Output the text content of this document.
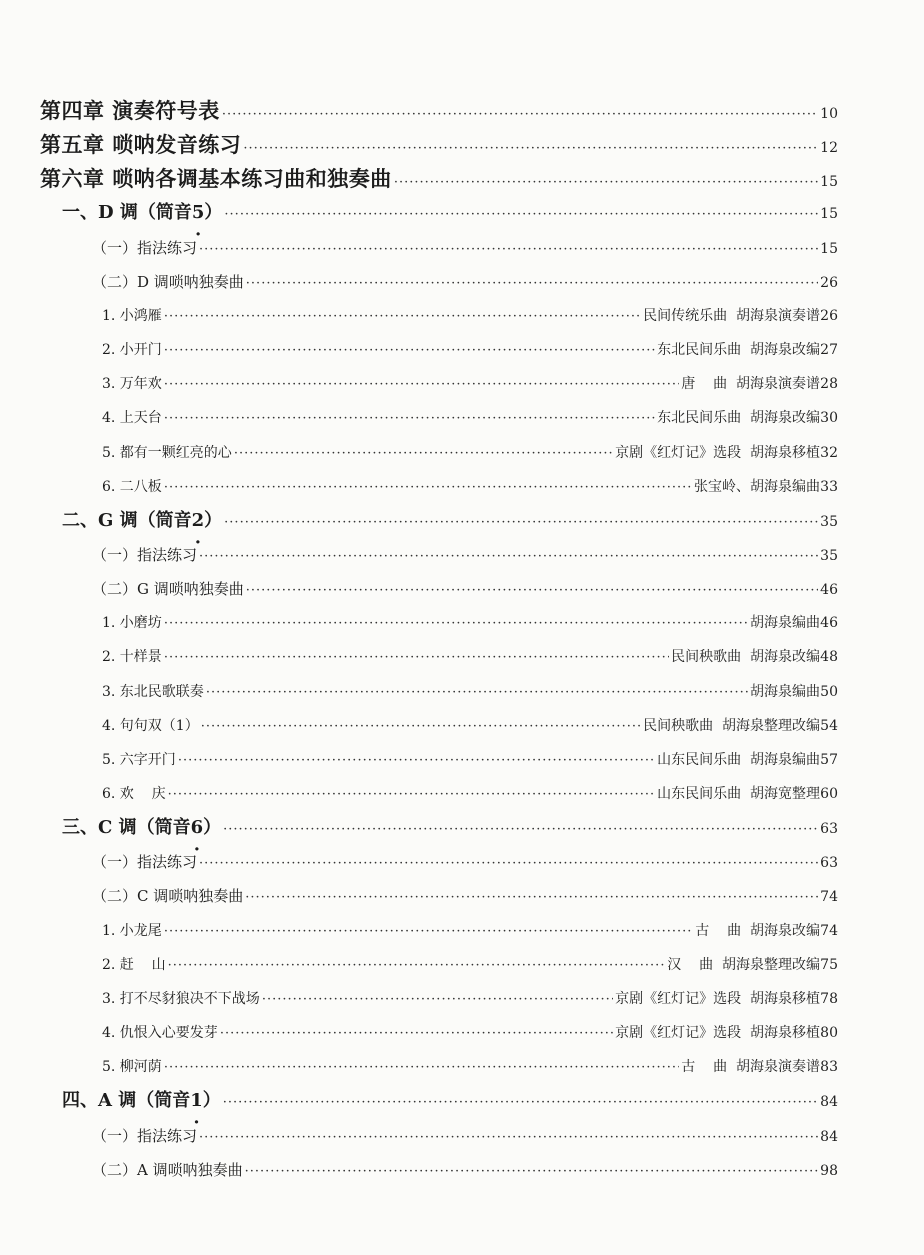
第四章 演奏符号表 ·····	10
第五章 唢呐发音练习 ·····	12
第六章 唢呐各调基本练习曲和独奏曲 ·····	15
一、D 调（筒音5 ·） ·····	15
（一）指法练习 ·····	15
（二）D 调唢呐独奏曲 ·····	26
1. 小鸿雁 ·····	民间传统乐曲  胡海泉演奏谱 26
2. 小开门 ·····	东北民间乐曲  胡海泉改编 27
3. 万年欢 ·····	唐    曲  胡海泉演奏谱 28
4. 上天台 ·····	东北民间乐曲  胡海泉改编 30
5. 都有一颗红亮的心 ·····	京剧《红灯记》选段  胡海泉移植 32
6. 二八板 ·····	张宝岭、胡海泉编曲 33
二、G 调（筒音2 ·） ·····	35
（一）指法练习 ·····	35
（二）G 调唢呐独奏曲 ·····	46
1. 小磨坊 ·····	胡海泉编曲 46
2. 十样景 ·····	民间秧歌曲  胡海泉改编 48
3. 东北民歌联奏 ·····	胡海泉编曲 50
4. 句句双（1） ·····	民间秧歌曲  胡海泉整理改编 54
5. 六字开门 ·····	山东民间乐曲  胡海泉编曲 57
6. 欢    庆 ·····	山东民间乐曲  胡海宽整理 60
三、C 调（筒音6 ·） ·····	63
（一）指法练习 ·····	63
（二）C 调唢呐独奏曲 ·····	74
1. 小龙尾 ·····	古    曲  胡海泉改编 74
2. 赶    山 ·····	汉    曲  胡海泉整理改编 75
3. 打不尽豺狼决不下战场 ·····	京剧《红灯记》选段  胡海泉移植 78
4. 仇恨入心要发芽 ·····	京剧《红灯记》选段  胡海泉移植 80
5. 柳河荫 ·····	古    曲  胡海泉演奏谱 83
四、A 调（筒音1 ·） ·····	84
（一）指法练习 ·····	84
（二）A 调唢呐独奏曲 ·····	98
